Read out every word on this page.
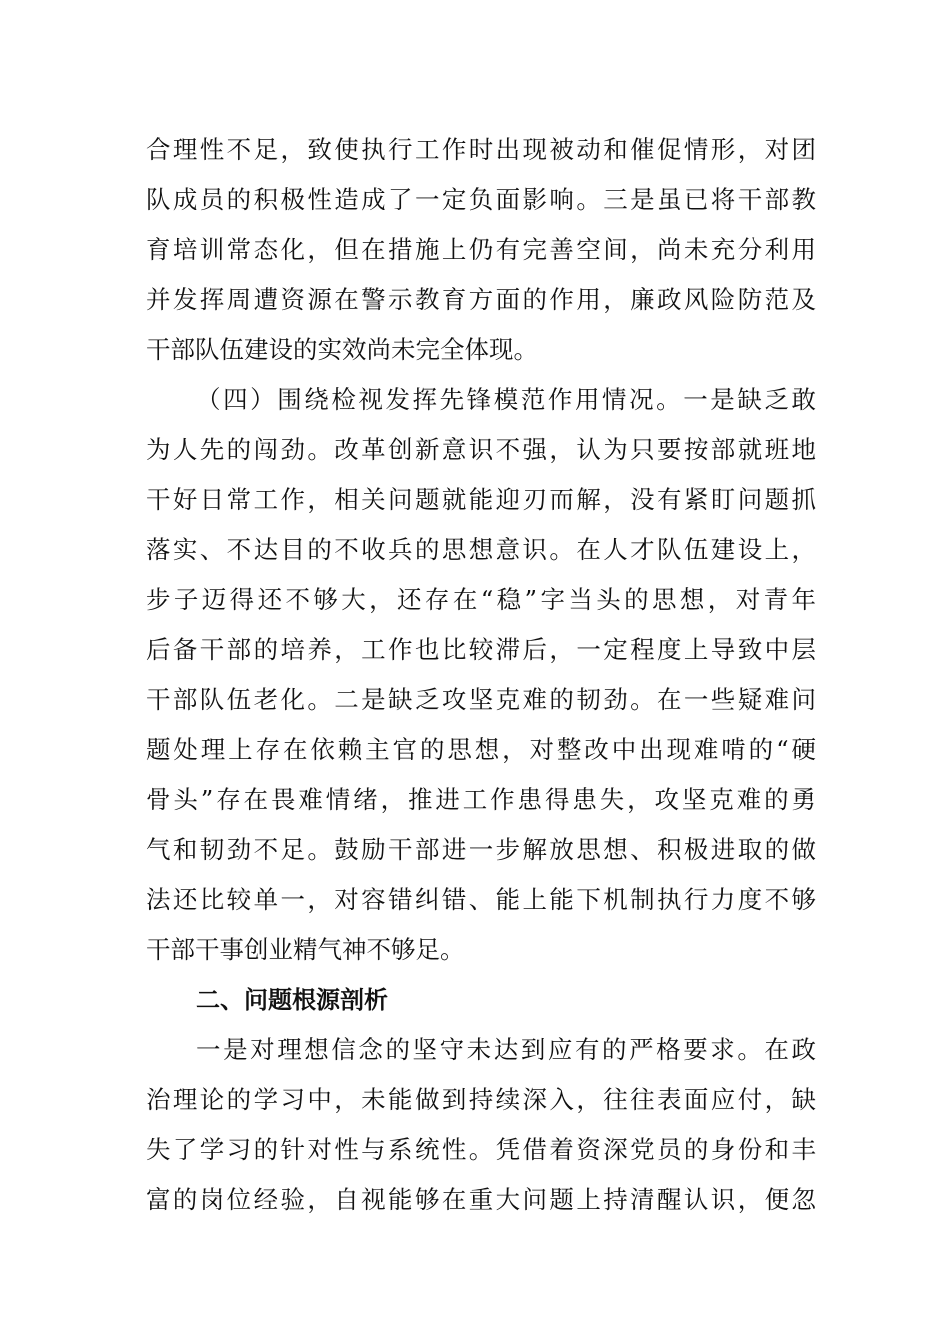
合理性不足，致使执行工作时出现被动和催促情形，对团
队成员的积极性造成了一定负面影响。三是虽已将干部教
育培训常态化，但在措施上仍有完善空间，尚未充分利用
并发挥周遭资源在警示教育方面的作用，廉政风险防范及
干部队伍建设的实效尚未完全体现。
（四）围绕检视发挥先锋模范作用情况。一是缺乏敢
为人先的闯劲。改革创新意识不强，认为只要按部就班地
干好日常工作，相关问题就能迎刃而解，没有紧盯问题抓
落实、不达目的不收兵的思想意识。在人才队伍建设上，
步子迈得还不够大，还存在“稳”字当头的思想，对青年
后备干部的培养，工作也比较滞后，一定程度上导致中层
干部队伍老化。二是缺乏攻坚克难的韧劲。在一些疑难问
题处理上存在依赖主官的思想，对整改中出现难啃的“硬
骨头”存在畏难情绪，推进工作患得患失，攻坚克难的勇
气和韧劲不足。鼓励干部进一步解放思想、积极进取的做
法还比较单一，对容错纠错、能上能下机制执行力度不够
干部干事创业精气神不够足。
二、问题根源剖析
一是对理想信念的坚守未达到应有的严格要求。在政
治理论的学习中，未能做到持续深入，往往表面应付，缺
失了学习的针对性与系统性。凭借着资深党员的身份和丰
富的岗位经验，自视能够在重大问题上持清醒认识，便忽
